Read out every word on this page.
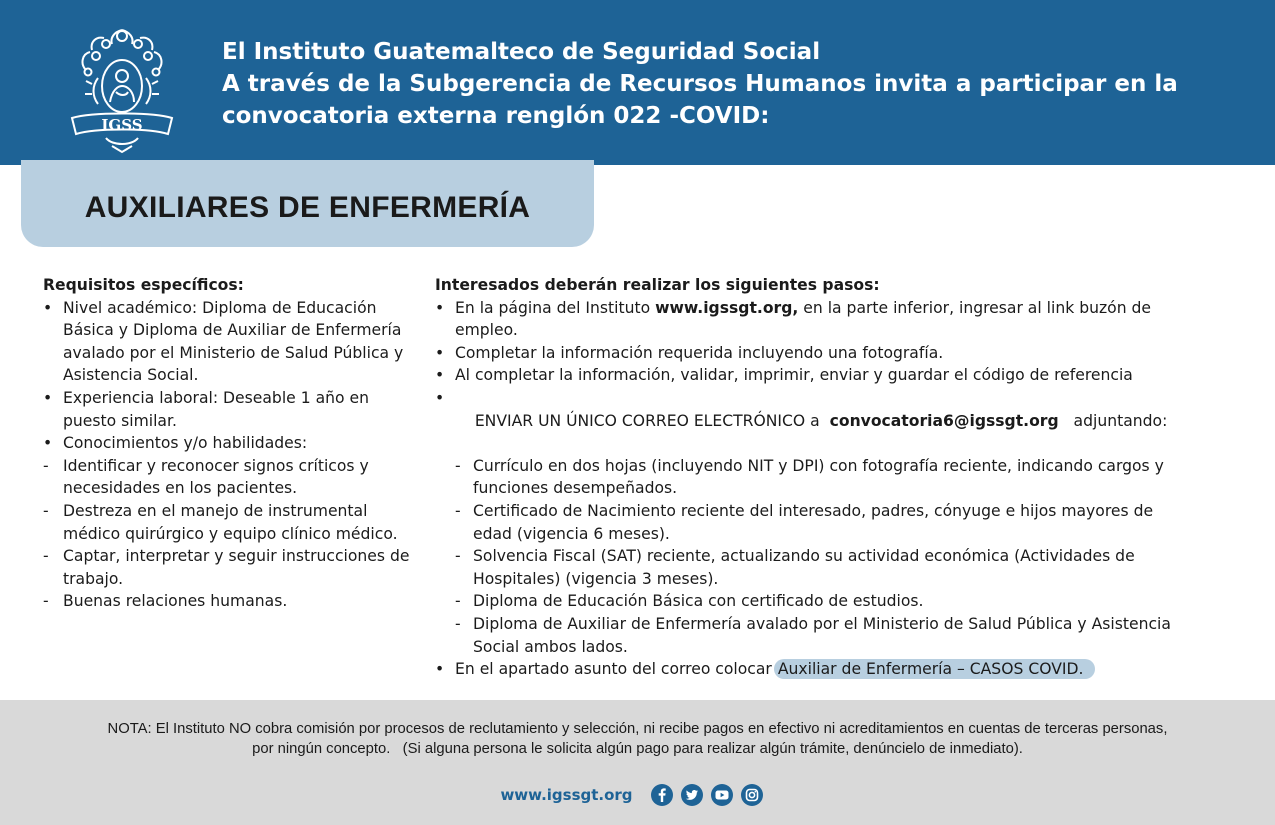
IGSS
El Instituto Guatemalteco de Seguridad Social
A través de la Subgerencia de Recursos Humanos invita a participar en la
convocatoria externa renglón 022 -COVID:
AUXILIARES DE ENFERMERÍA
Requisitos específicos:
• Nivel académico: Diploma de Educación Básica y Diploma de Auxiliar de Enfermería avalado por el Ministerio de Salud Pública y Asistencia Social.
• Experiencia laboral: Deseable 1 año en puesto similar.
• Conocimientos y/o habilidades:
- Identificar y reconocer signos críticos y necesidades en los pacientes.
- Destreza en el manejo de instrumental médico quirúrgico y equipo clínico médico.
- Captar, interpretar y seguir instrucciones de trabajo.
- Buenas relaciones humanas.
Interesados deberán realizar los siguientes pasos:
• En la página del Instituto www.igssgt.org, en la parte inferior, ingresar al link buzón de empleo.
• Completar la información requerida incluyendo una fotografía.
• Al completar la información, validar, imprimir, enviar y guardar el código de referencia

•
ENVIAR UN ÚNICO CORREO ELECTRÓNICO a  convocatoria6@igssgt.org   adjuntando:

- Currículo en dos hojas (incluyendo NIT y DPI) con fotografía reciente, indicando cargos y funciones desempeñados.
- Certificado de Nacimiento reciente del interesado, padres, cónyuge e hijos mayores de edad (vigencia 6 meses).
- Solvencia Fiscal (SAT) reciente, actualizando su actividad económica (Actividades de Hospitales) (vigencia 3 meses).
- Diploma de Educación Básica con certificado de estudios.
- Diploma de Auxiliar de Enfermería avalado por el Ministerio de Salud Pública y Asistencia Social ambos lados.
• En el apartado asunto del correo colocar Auxiliar de Enfermería – CASOS COVID.
NOTA: El Instituto NO cobra comisión por procesos de reclutamiento y selección, ni recibe pagos en efectivo ni acreditamientos en cuentas de terceras personas,
por ningún concepto.   (Si alguna persona le solicita algún pago para realizar algún trámite, denúncielo de inmediato).
www.igssgt.org
